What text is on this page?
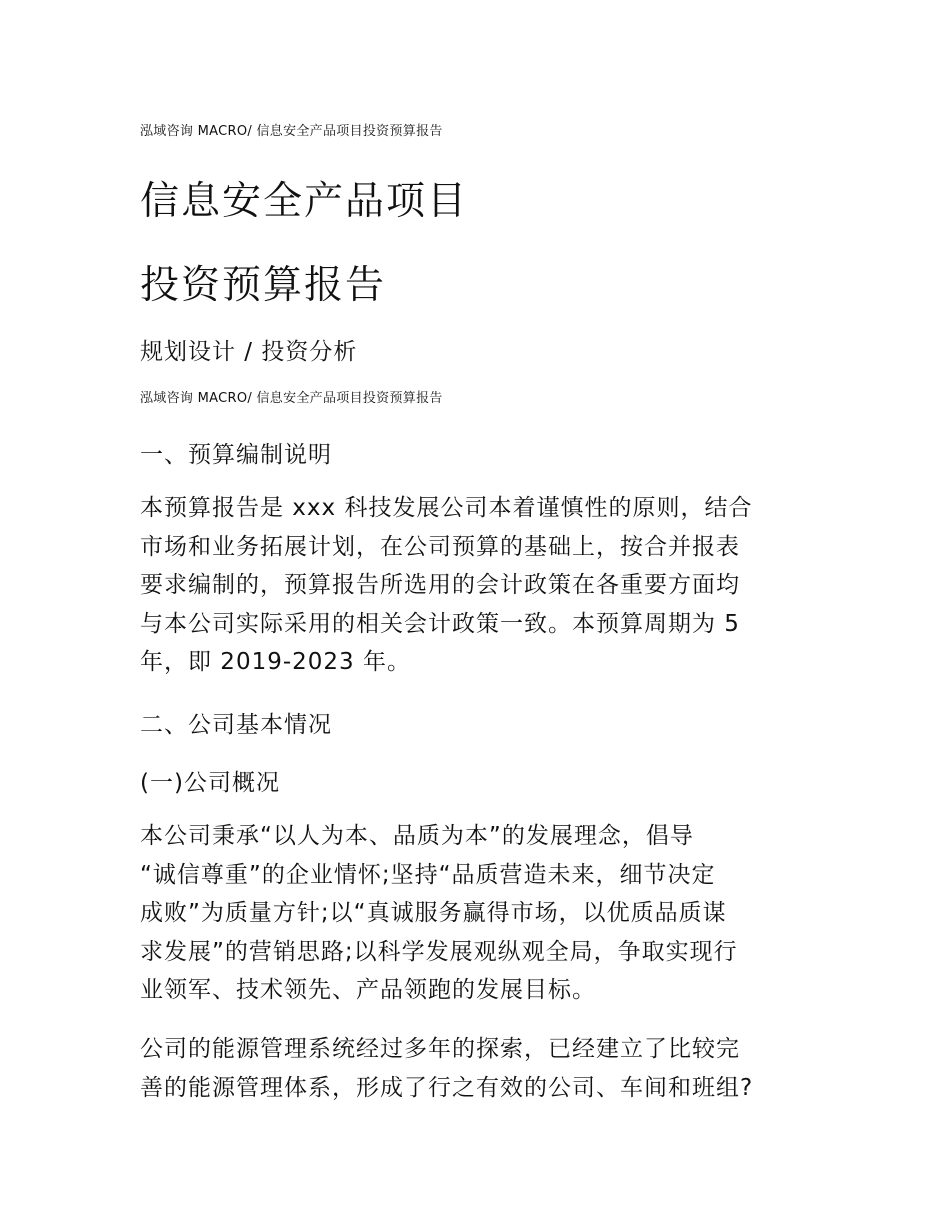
泓域咨询 MACRO/ 信息安全产品项目投资预算报告
信息安全产品项目
投资预算报告
规划设计 / 投资分析
泓域咨询 MACRO/ 信息安全产品项目投资预算报告
一、预算编制说明
本预算报告是 xxx 科技发展公司本着谨慎性的原则，结合
市场和业务拓展计划，在公司预算的基础上，按合并报表
要求编制的，预算报告所选用的会计政策在各重要方面均
与本公司实际采用的相关会计政策一致。本预算周期为 5
年，即 2019-2023 年。
二、公司基本情况
(一)公司概况
本公司秉承“以人为本、品质为本”的发展理念，倡导
“诚信尊重”的企业情怀;坚持“品质营造未来，细节决定
成败”为质量方针;以“真诚服务赢得市场，以优质品质谋
求发展”的营销思路;以科学发展观纵观全局，争取实现行
业领军、技术领先、产品领跑的发展目标。
公司的能源管理系统经过多年的探索，已经建立了比较完
善的能源管理体系，形成了行之有效的公司、车间和班组?
